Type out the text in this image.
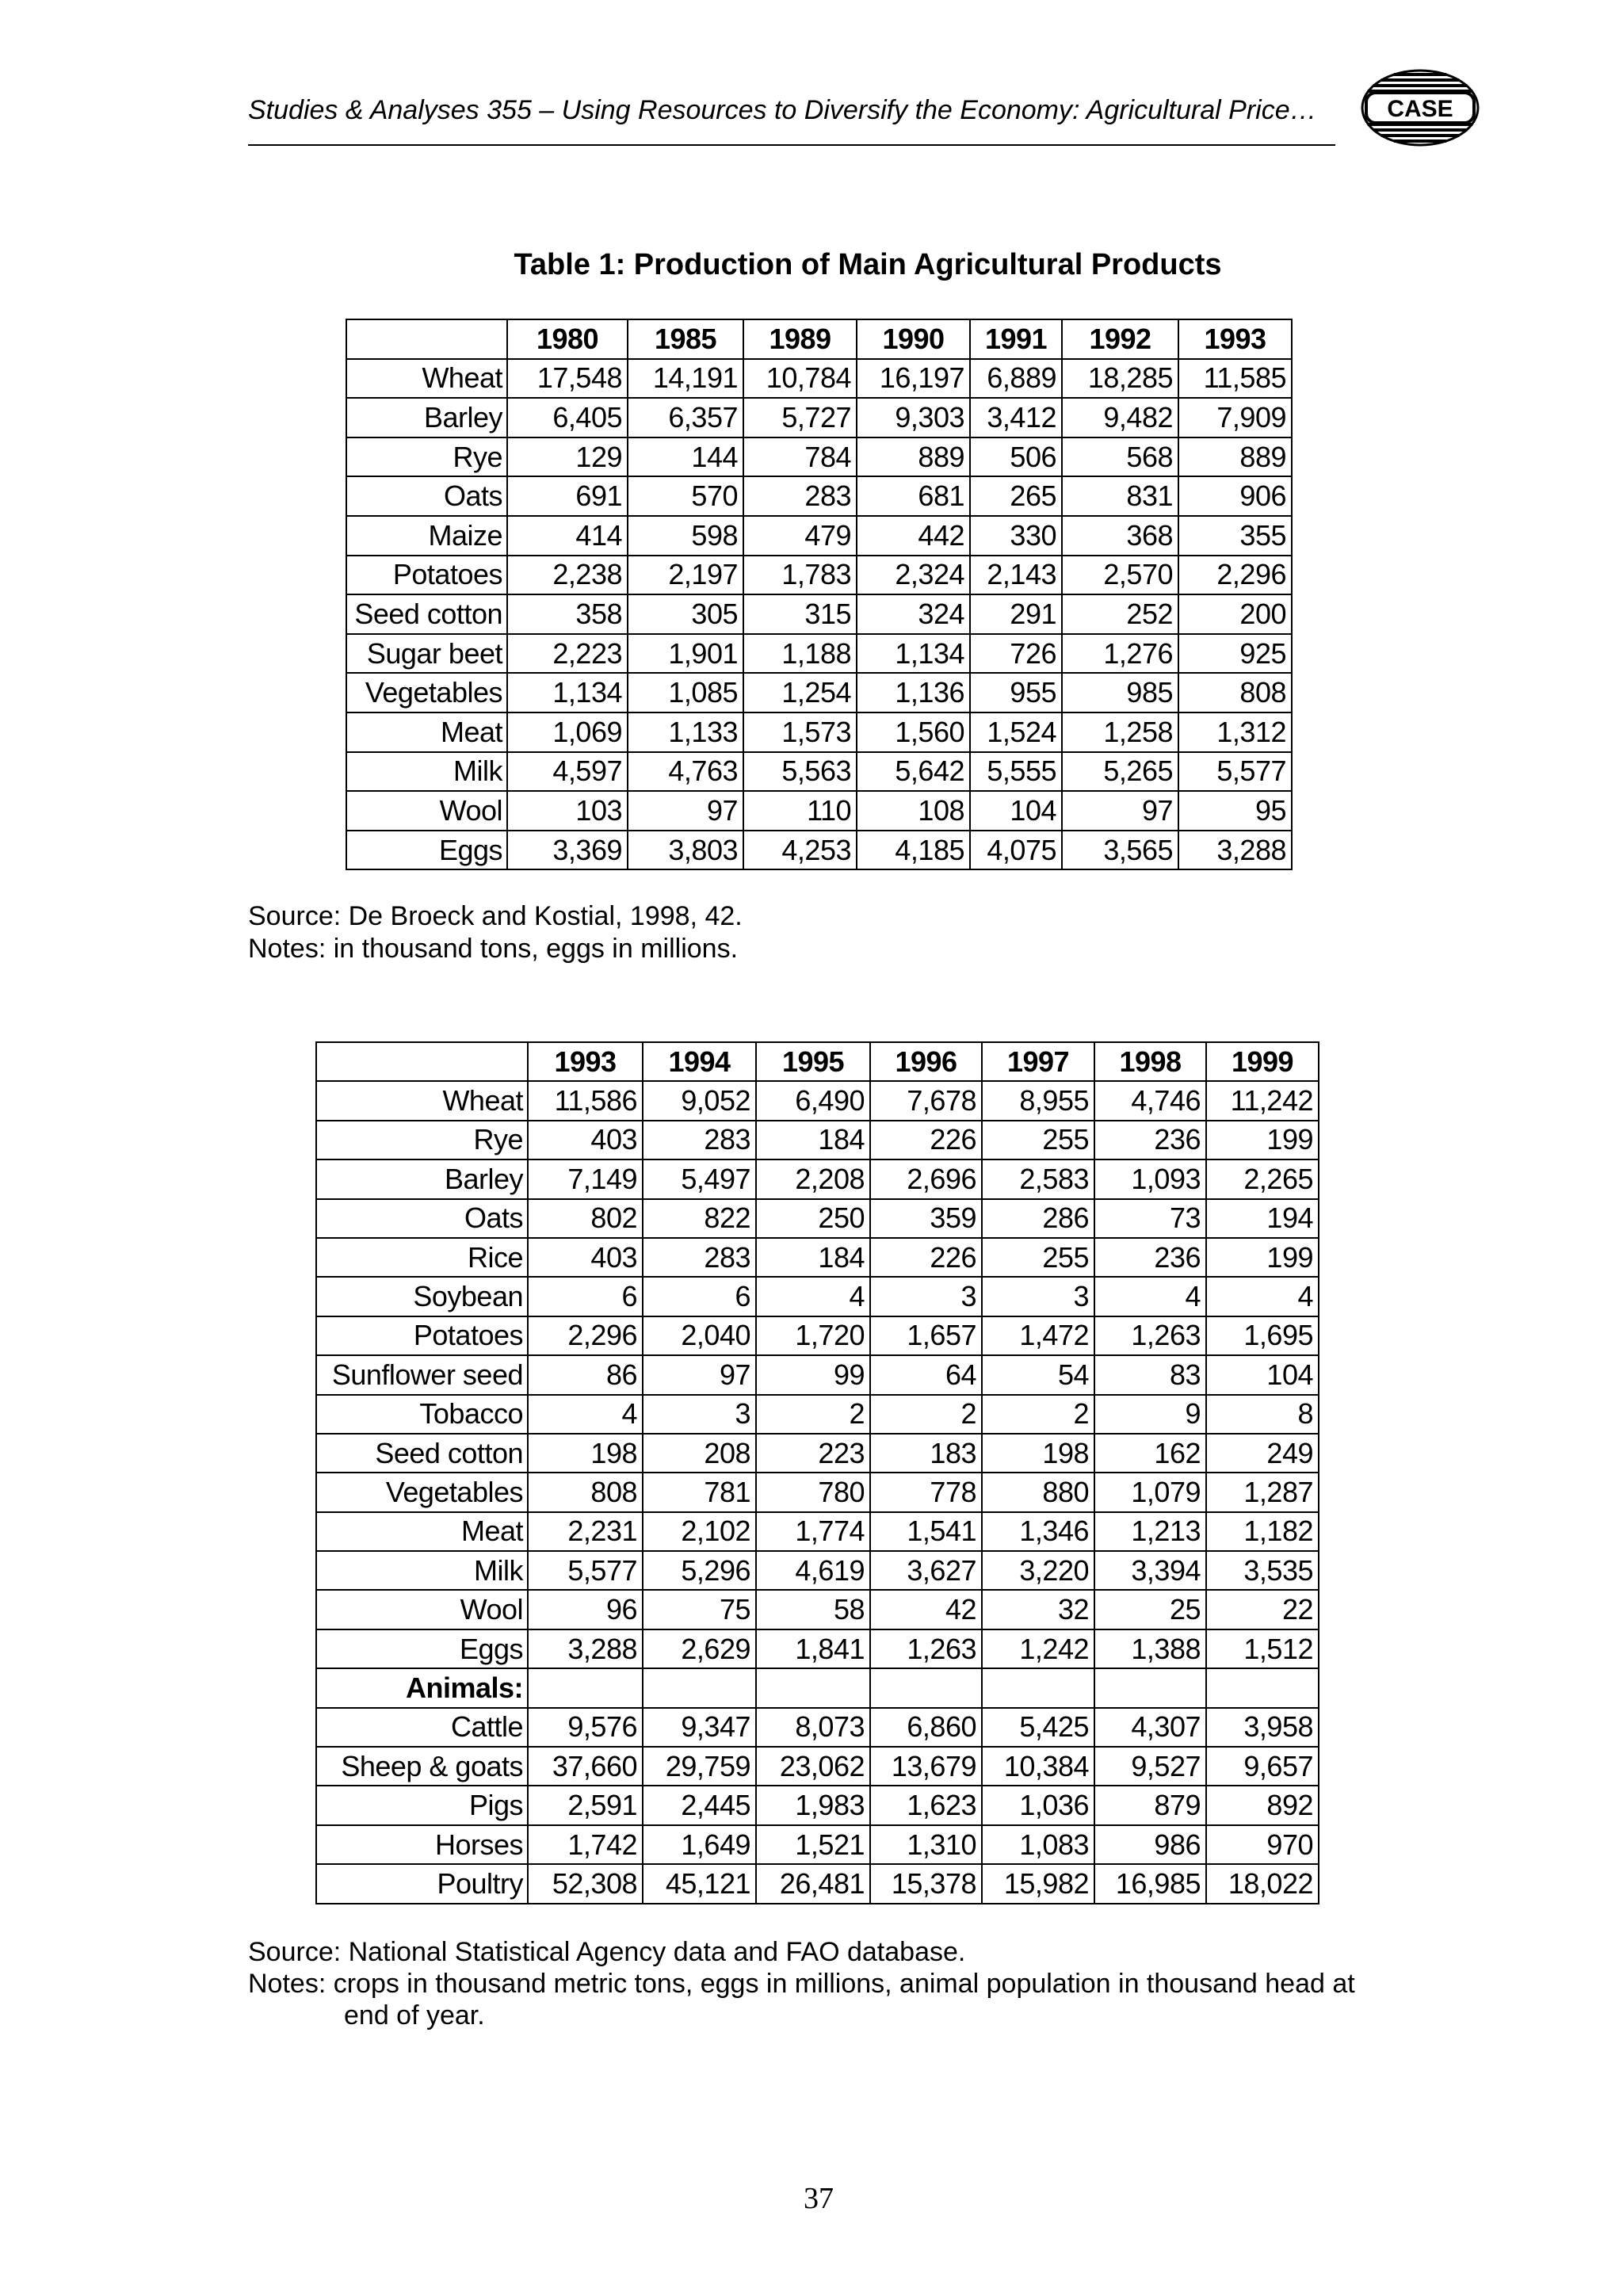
Studies & Analyses 355 – Using Resources to Diversify the Economy: Agricultural Price…	CASE
Table 1: Production of Main Agricultural Products
	1980	1985	1989	1990	1991	1992	1993
Wheat	17,548	14,191	10,784	16,197	6,889	18,285	11,585
Barley	6,405	6,357	5,727	9,303	3,412	9,482	7,909
Rye	129	144	784	889	506	568	889
Oats	691	570	283	681	265	831	906
Maize	414	598	479	442	330	368	355
Potatoes	2,238	2,197	1,783	2,324	2,143	2,570	2,296
Seed cotton	358	305	315	324	291	252	200
Sugar beet	2,223	1,901	1,188	1,134	726	1,276	925
Vegetables	1,134	1,085	1,254	1,136	955	985	808
Meat	1,069	1,133	1,573	1,560	1,524	1,258	1,312
Milk	4,597	4,763	5,563	5,642	5,555	5,265	5,577
Wool	103	97	110	108	104	97	95
Eggs	3,369	3,803	4,253	4,185	4,075	3,565	3,288
Source: De Broeck and Kostial, 1998, 42.
Notes: in thousand tons, eggs in millions.
	1993	1994	1995	1996	1997	1998	1999
Wheat	11,586	9,052	6,490	7,678	8,955	4,746	11,242
Rye	403	283	184	226	255	236	199
Barley	7,149	5,497	2,208	2,696	2,583	1,093	2,265
Oats	802	822	250	359	286	73	194
Rice	403	283	184	226	255	236	199
Soybean	6	6	4	3	3	4	4
Potatoes	2,296	2,040	1,720	1,657	1,472	1,263	1,695
Sunflower seed	86	97	99	64	54	83	104
Tobacco	4	3	2	2	2	9	8
Seed cotton	198	208	223	183	198	162	249
Vegetables	808	781	780	778	880	1,079	1,287
Meat	2,231	2,102	1,774	1,541	1,346	1,213	1,182
Milk	5,577	5,296	4,619	3,627	3,220	3,394	3,535
Wool	96	75	58	42	32	25	22
Eggs	3,288	2,629	1,841	1,263	1,242	1,388	1,512
Animals:							
Cattle	9,576	9,347	8,073	6,860	5,425	4,307	3,958
Sheep & goats	37,660	29,759	23,062	13,679	10,384	9,527	9,657
Pigs	2,591	2,445	1,983	1,623	1,036	879	892
Horses	1,742	1,649	1,521	1,310	1,083	986	970
Poultry	52,308	45,121	26,481	15,378	15,982	16,985	18,022
Source: National Statistical Agency data and FAO database.
Notes: crops in thousand metric tons, eggs in millions, animal population in thousand head at
end of year.
37
